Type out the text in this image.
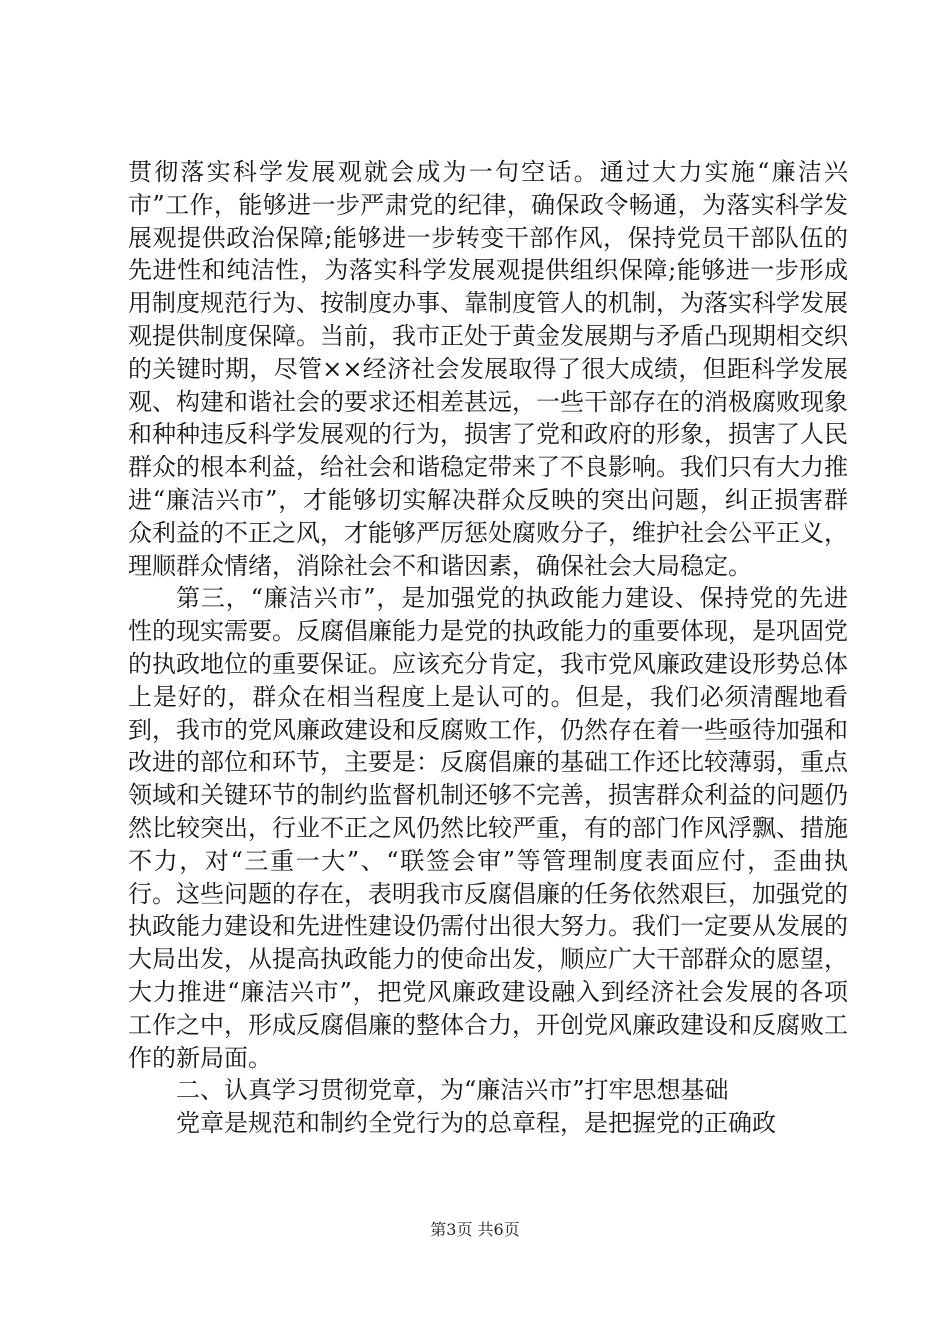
贯彻落实科学发展观就会成为一句空话。通过大力实施“廉洁兴市”工作，能够进一步严肃党的纪律，确保政令畅通，为落实科学发展观提供政治保障;能够进一步转变干部作风，保持党员干部队伍的先进性和纯洁性，为落实科学发展观提供组织保障;能够进一步形成用制度规范行为、按制度办事、靠制度管人的机制，为落实科学发展观提供制度保障。当前，我市正处于黄金发展期与矛盾凸现期相交织的关键时期，尽管××经济社会发展取得了很大成绩，但距科学发展观、构建和谐社会的要求还相差甚远，一些干部存在的消极腐败现象和种种违反科学发展观的行为，损害了党和政府的形象，损害了人民群众的根本利益，给社会和谐稳定带来了不良影响。我们只有大力推进“廉洁兴市”，才能够切实解决群众反映的突出问题，纠正损害群众利益的不正之风，才能够严厉惩处腐败分子，维护社会公平正义，理顺群众情绪，消除社会不和谐因素，确保社会大局稳定。

第三，“廉洁兴市”，是加强党的执政能力建设、保持党的先进性的现实需要。反腐倡廉能力是党的执政能力的重要体现，是巩固党的执政地位的重要保证。应该充分肯定，我市党风廉政建设形势总体上是好的，群众在相当程度上是认可的。但是，我们必须清醒地看到，我市的党风廉政建设和反腐败工作，仍然存在着一些亟待加强和改进的部位和环节，主要是：反腐倡廉的基础工作还比较薄弱，重点领域和关键环节的制约监督机制还够不完善，损害群众利益的问题仍然比较突出，行业不正之风仍然比较严重，有的部门作风浮飘、措施不力，对“三重一大”、“联签会审”等管理制度表面应付，歪曲执行。这些问题的存在，表明我市反腐倡廉的任务依然艰巨，加强党的执政能力建设和先进性建设仍需付出很大努力。我们一定要从发展的大局出发，从提高执政能力的使命出发，顺应广大干部群众的愿望，大力推进“廉洁兴市”，把党风廉政建设融入到经济社会发展的各项工作之中，形成反腐倡廉的整体合力，开创党风廉政建设和反腐败工作的新局面。

二、认真学习贯彻党章，为“廉洁兴市”打牢思想基础

党章是规范和制约全党行为的总章程，是把握党的正确政

第3页 共6页
